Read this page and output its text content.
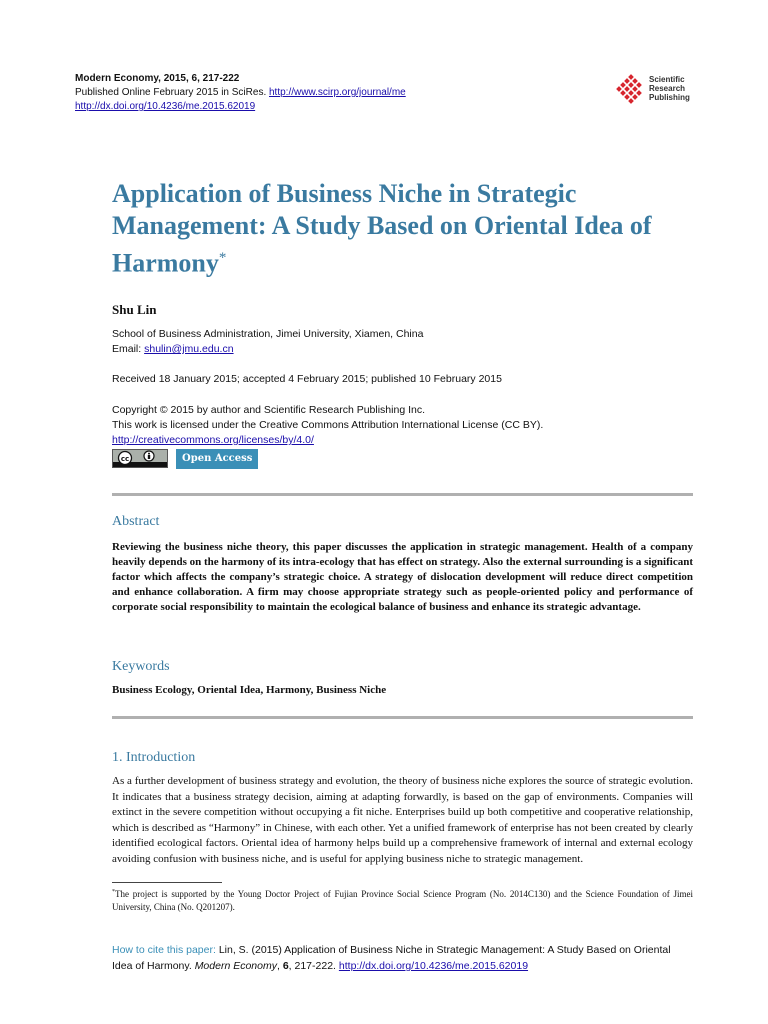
Modern Economy, 2015, 6, 217-222
Published Online February 2015 in SciRes. http://www.scirp.org/journal/me
http://dx.doi.org/10.4236/me.2015.62019
Scientific
Research
Publishing
Application of Business Niche in Strategic Management: A Study Based on Oriental Idea of Harmony*
Shu Lin
School of Business Administration, Jimei University, Xiamen, China
Email: shulin@jmu.edu.cn
Received 18 January 2015; accepted 4 February 2015; published 10 February 2015
Copyright © 2015 by author and Scientific Research Publishing Inc.
This work is licensed under the Creative Commons Attribution International License (CC BY).
http://creativecommons.org/licenses/by/4.0/
cc	Open Access
Abstract

Reviewing the business niche theory, this paper discusses the application in strategic management. Health of a company heavily depends on the harmony of its intra-ecology that has effect on strategy. Also the external surrounding is a significant factor which affects the company’s strategic choice. A strategy of dislocation development will reduce direct competition and enhance collaboration. A firm may choose appropriate strategy such as people-oriented policy and performance of corporate social responsibility to maintain the ecological balance of business and enhance its strategic advantage.

Keywords

Business Ecology, Oriental Idea, Harmony, Business Niche

1. Introduction

As a further development of business strategy and evolution, the theory of business niche explores the source of strategic evolution. It indicates that a business strategy decision, aiming at adapting forwardly, is based on the gap of environments. Companies will extinct in the severe competition without occupying a fit niche. Enterprises build up both competitive and cooperative relationship, which is described as “Harmony” in Chinese, with each other. Yet a unified framework of enterprise has not been created by clearly identified ecological factors. Oriental idea of harmony helps build up a comprehensive framework of internal and external ecology avoiding confusion with business niche, and is useful for applying business niche to strategic management.

*The project is supported by the Young Doctor Project of Fujian Province Social Science Program (No. 2014C130) and the Science Foundation of Jimei University, China (No. Q201207).

How to cite this paper: Lin, S. (2015) Application of Business Niche in Strategic Management: A Study Based on Oriental Idea of Harmony. Modern Economy, 6, 217-222. http://dx.doi.org/10.4236/me.2015.62019
